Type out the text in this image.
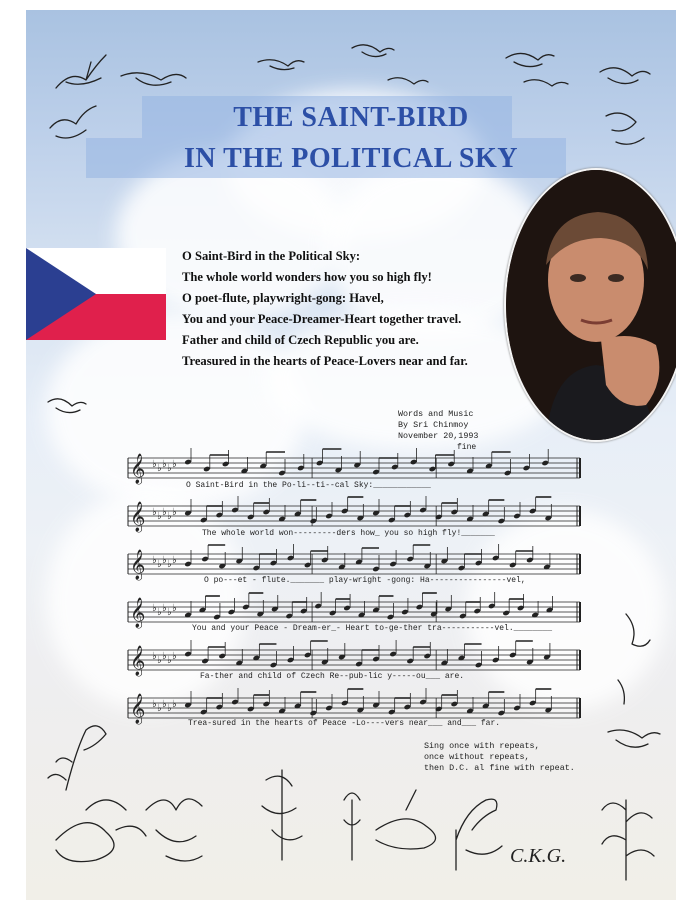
THE SAINT-BIRD
IN THE POLITICAL SKY
O Saint-Bird in the Political Sky:
The whole world wonders how you so high fly!
O poet-flute, playwright-gong: Havel,
You and your Peace-Dreamer-Heart together travel.
Father and child of Czech Republic you are.
Treasured in the hearts of Peace-Lovers near and far.
Words and Music
By Sri Chinmoy
November 20,1993
fine
𝄞 ♭ ♭ ♭ ♭ ♭
𝄞 ♭ ♭ ♭ ♭ ♭
𝄞 ♭ ♭ ♭ ♭ ♭
𝄞 ♭ ♭ ♭ ♭ ♭
𝄞 ♭ ♭ ♭ ♭ ♭
𝄞 ♭ ♭ ♭ ♭ ♭
O Saint-Bird in the Po-li--ti--cal Sky:____________
The whole world won---------ders how_ you so high fly!_______
O po---et - flute._______ play-wright -gong: Ha----------------vel,
You and your Peace - Dream-er_- Heart to-ge-ther tra-----------vel.________
Fa-ther and child of Czech Re--pub-lic y-----ou___ are.
Trea-sured in the hearts of Peace -Lo----vers near___ and___ far.
Sing once with repeats,
once without repeats,
then D.C. al fine with repeat.
C.K.G.
